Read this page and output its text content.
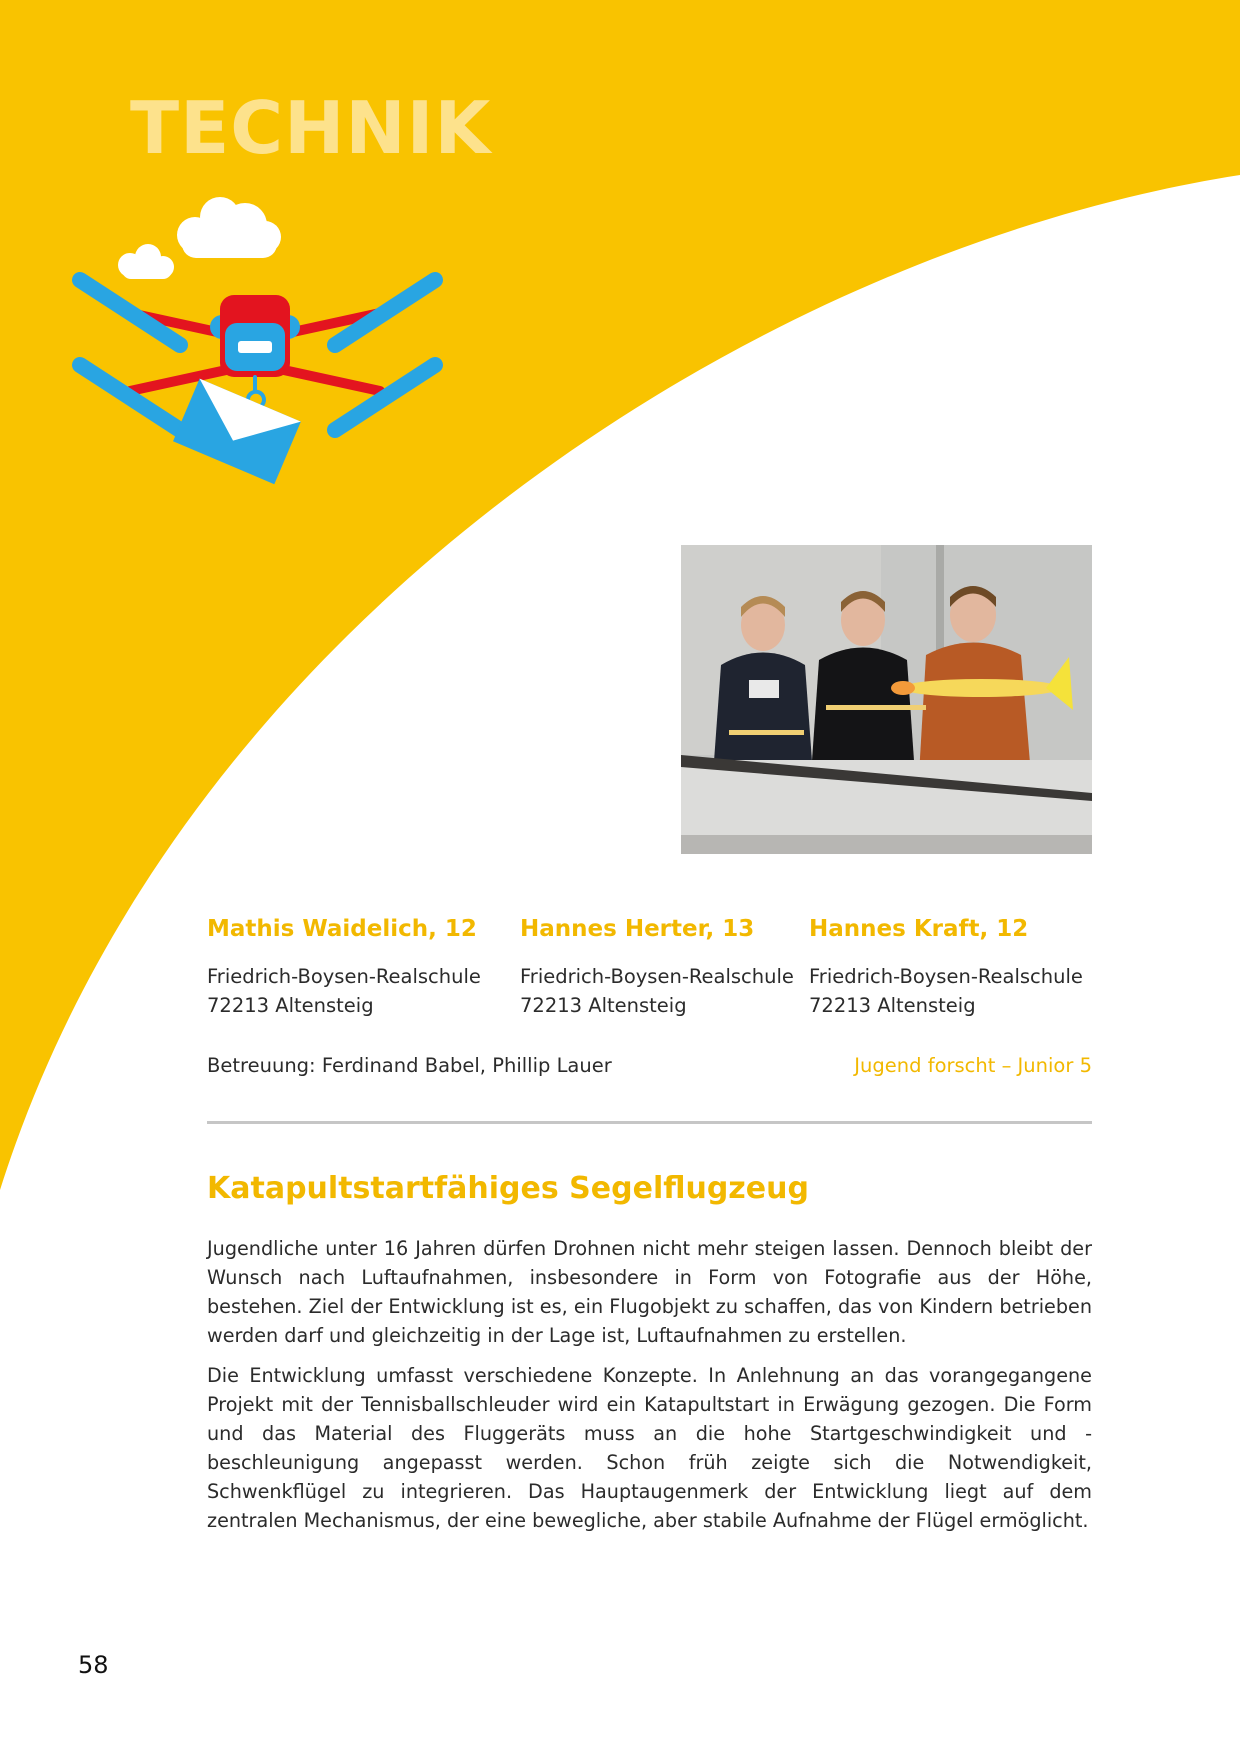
TECHNIK
Mathis Waidelich, 12
Friedrich-Boysen-Realschule
72213 Altensteig
Hannes Herter, 13
Friedrich-Boysen-Realschule
72213 Altensteig
Hannes Kraft, 12
Friedrich-Boysen-Realschule
72213 Altensteig
Betreuung: Ferdinand Babel, Phillip Lauer	Jugend forscht – Junior 5
Katapultstartfähiges Segelflugzeug

Jugendliche unter 16 Jahren dürfen Drohnen nicht mehr steigen lassen. Dennoch bleibt der Wunsch nach Luftaufnahmen, insbesondere in Form von Fotografie aus der Höhe, bestehen. Ziel der Entwicklung ist es, ein Flugobjekt zu schaffen, das von Kindern betrieben werden darf und gleichzeitig in der Lage ist, Luftaufnahmen zu erstellen.

Die Entwicklung umfasst verschiedene Konzepte. In Anlehnung an das vorangegangene Projekt mit der Tennisballschleuder wird ein Katapultstart in Erwägung gezogen. Die Form und das Material des Fluggeräts muss an die hohe Startgeschwindigkeit und -beschleunigung angepasst werden. Schon früh zeigte sich die Notwendigkeit, Schwenkflügel zu integrieren. Das Hauptaugenmerk der Entwicklung liegt auf dem zentralen Mechanismus, der eine bewegliche, aber stabile Aufnahme der Flügel ermöglicht.

58
